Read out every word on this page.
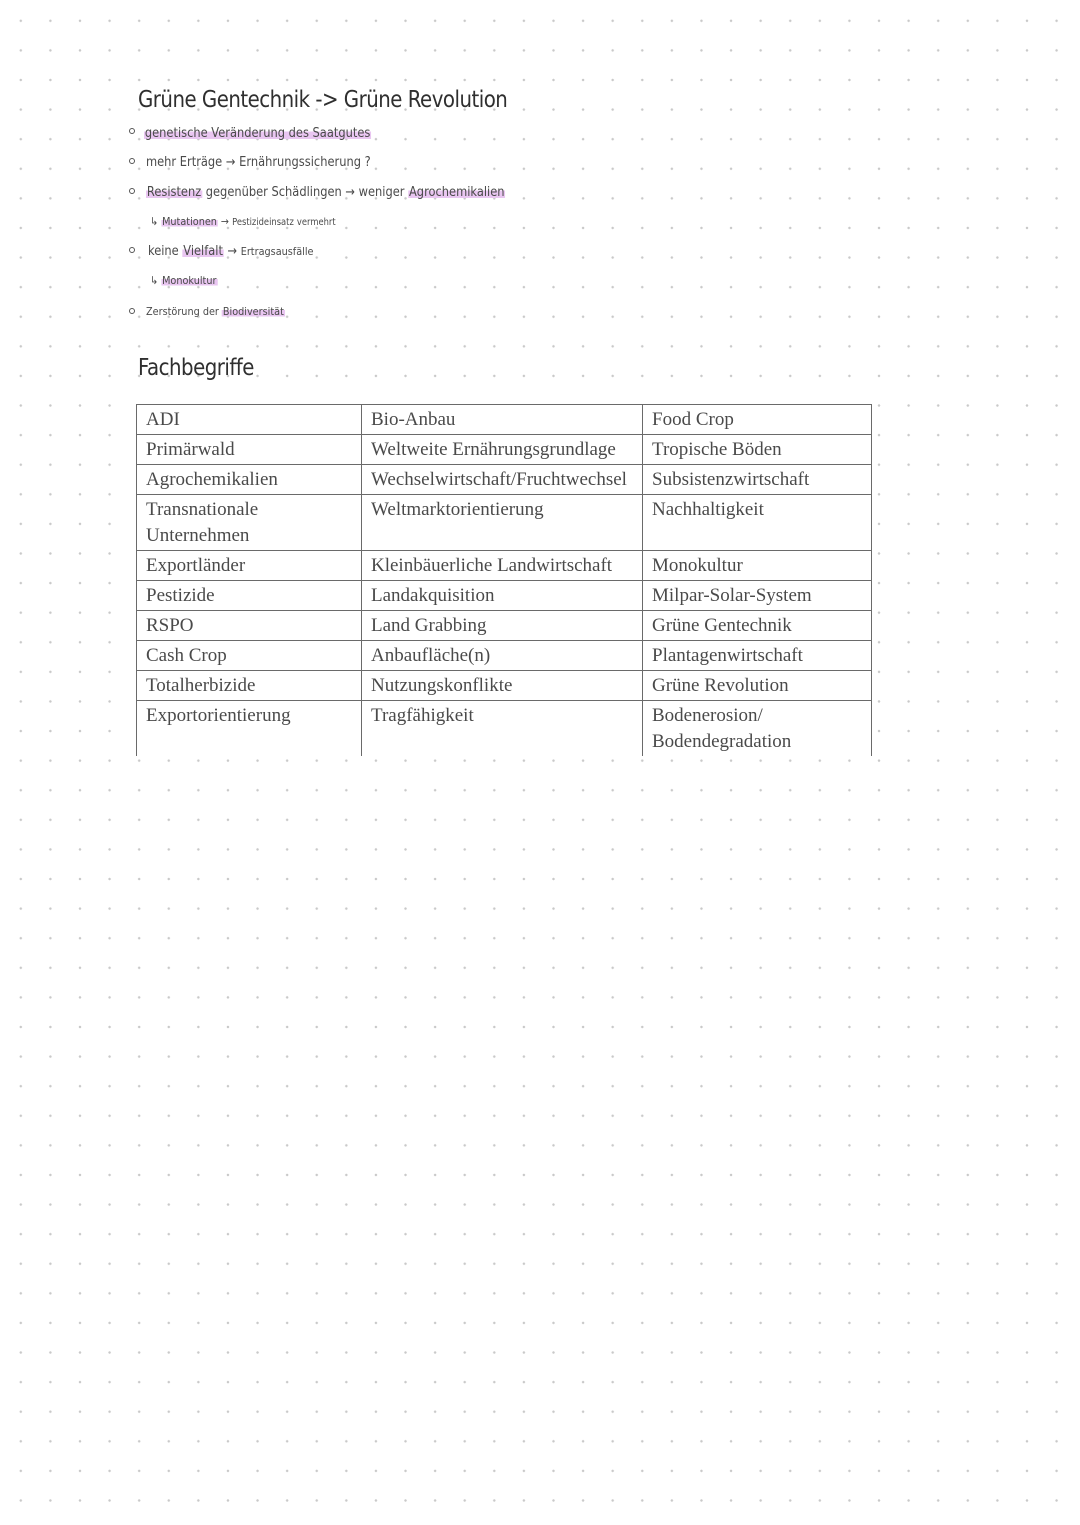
Grüne Gentechnik -> Grüne Revolution
genetische Veränderung des Saatgutes
mehr Erträge → Ernährungssicherung ?
Resistenz gegenüber Schädlingen → weniger Agrochemikalien
↳ Mutationen → Pestizideinsatz vermehrt
keine Vielfalt → Ertragsausfälle
↳ Monokultur
Zerstörung der Biodiversität
Fachbegriffe
ADI	Bio-Anbau	Food Crop
Primärwald	Weltweite Ernährungsgrundlage	Tropische Böden
Agrochemikalien	Wechselwirtschaft/Fruchtwechsel	Subsistenzwirtschaft
Transnationale Unternehmen	Weltmarktorientierung	Nachhaltigkeit
Exportländer	Kleinbäuerliche Landwirtschaft	Monokultur
Pestizide	Landakquisition	Milpar-Solar-System
RSPO	Land Grabbing	Grüne Gentechnik
Cash Crop	Anbaufläche(n)	Plantagenwirtschaft
Totalherbizide	Nutzungskonflikte	Grüne Revolution
Exportorientierung	Tragfähigkeit	Bodenerosion/ Bodendegradation
